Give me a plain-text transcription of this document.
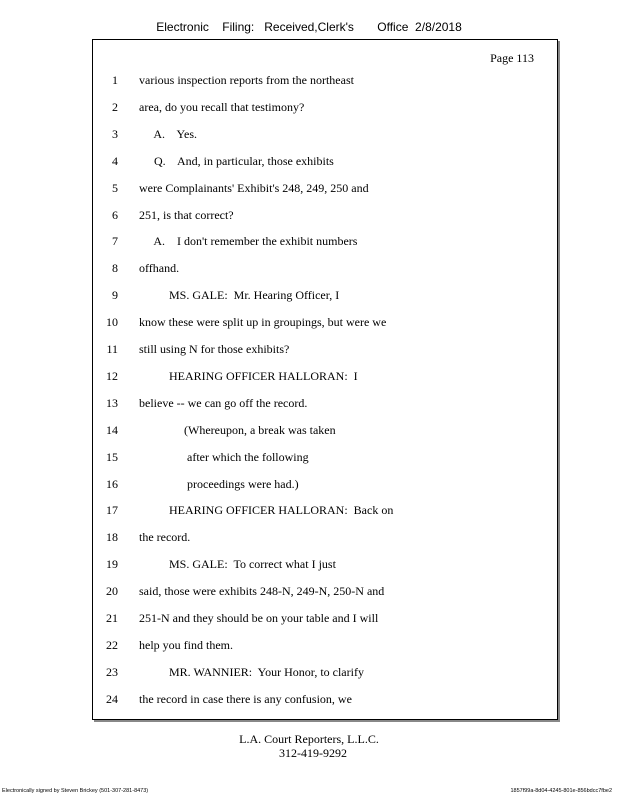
Electronic    Filing:   Received,Clerk's       Office  2/8/2018
Page 113
1 various inspection reports from the northeast
2 area, do you recall that testimony?
3 A.    Yes.
4 Q.    And, in particular, those exhibits
5 were Complainants' Exhibit's 248, 249, 250 and
6 251, is that correct?
7 A.    I don't remember the exhibit numbers
8 offhand.
9 MS. GALE:  Mr. Hearing Officer, I
10 know these were split up in groupings, but were we
11 still using N for those exhibits?
12 HEARING OFFICER HALLORAN:  I
13 believe -- we can go off the record.
14 (Whereupon, a break was taken
15 after which the following
16 proceedings were had.)
17 HEARING OFFICER HALLORAN:  Back on
18 the record.
19 MS. GALE:  To correct what I just
20 said, those were exhibits 248-N, 249-N, 250-N and
21 251-N and they should be on your table and I will
22 help you find them.
23 MR. WANNIER:  Your Honor, to clarify
24 the record in case there is any confusion, we
L.A. Court Reporters, L.L.C.
312-419-9292
Electronically signed by Steven Brickey (501-307-281-8473)	1857f99a-8d04-4245-801e-856bdcc7fbe2
